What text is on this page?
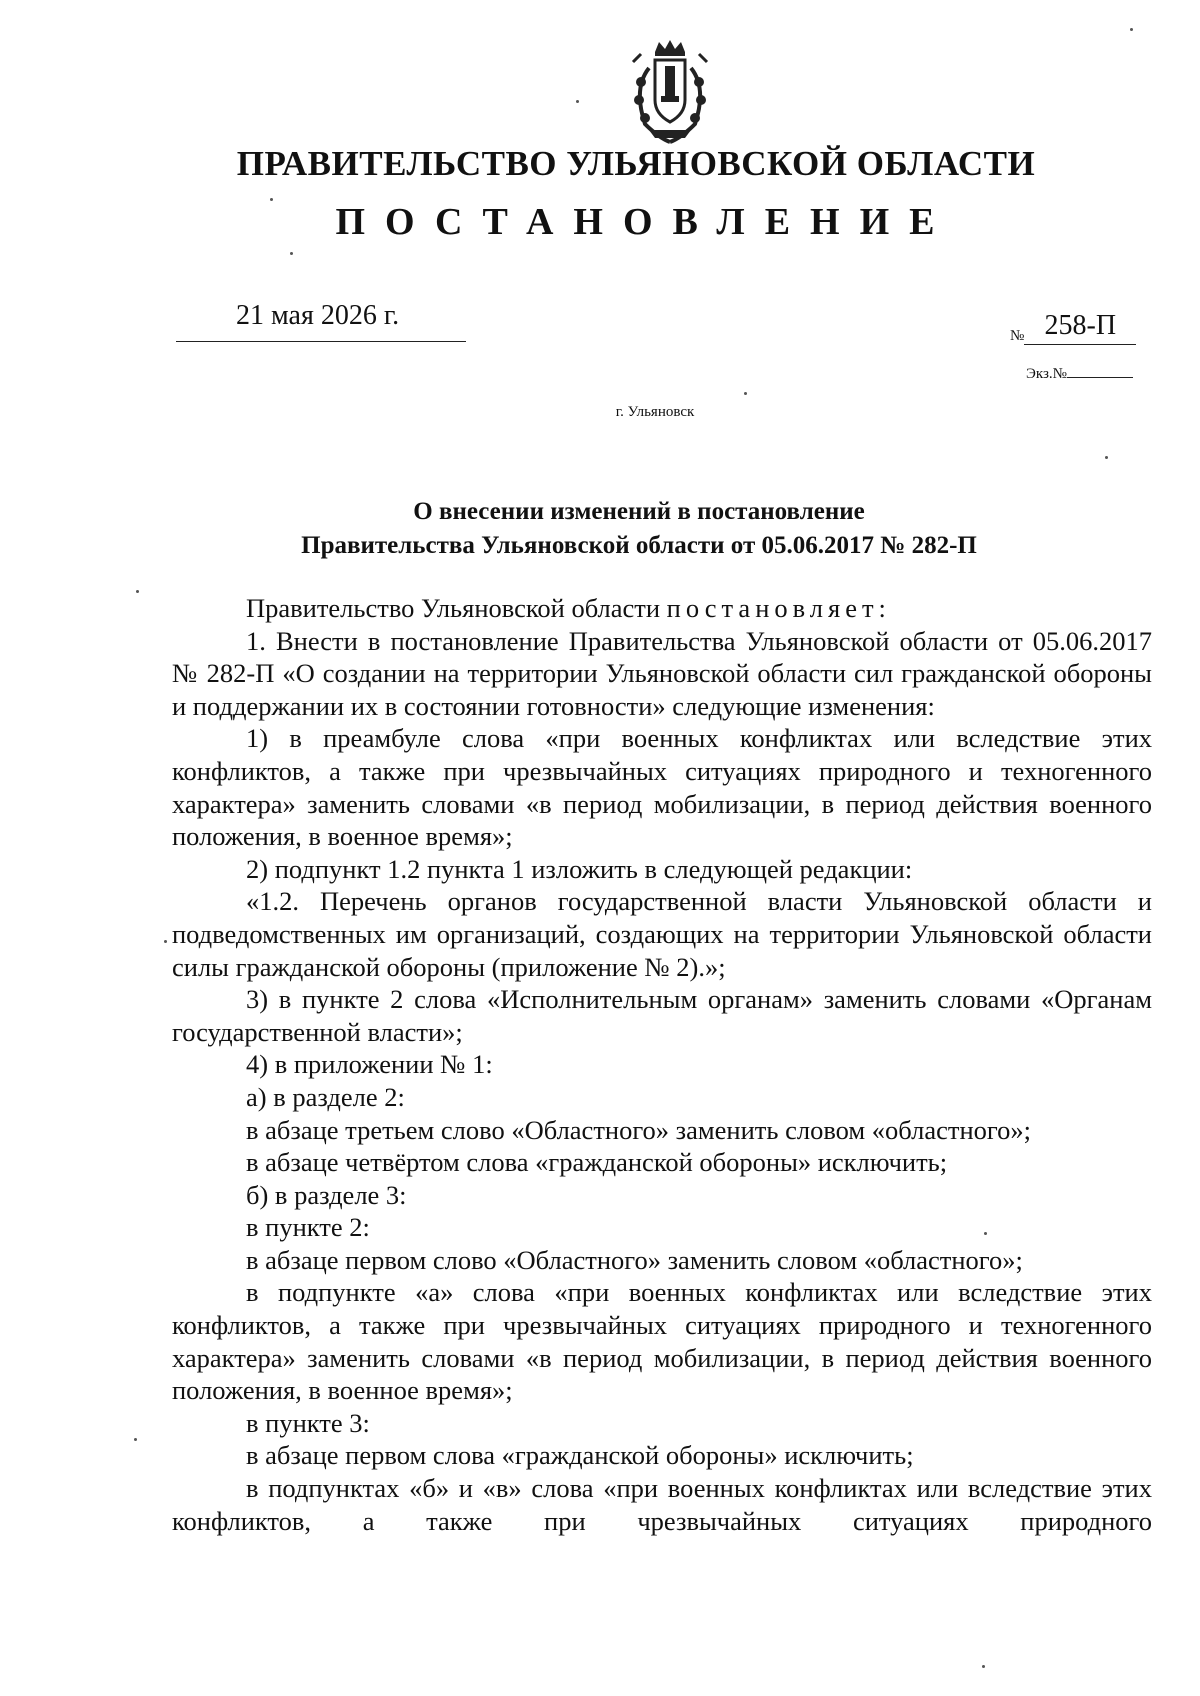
ПРАВИТЕЛЬСТВО УЛЬЯНОВСКОЙ ОБЛАСТИ
ПОСТАНОВЛЕНИЕ
21 мая 2026 г.
№ 258-П
Экз.№
г. Ульяновск
О внесении изменений в постановление
Правительства Ульяновской области от 05.06.2017 № 282-П

Правительство Ульяновской области постановляет:

1. Внести в постановление Правительства Ульяновской области от 05.06.2017 № 282-П «О создании на территории Ульяновской области сил гражданской обороны и поддержании их в состоянии готовности» следующие изменения:

1) в преамбуле слова «при военных конфликтах или вследствие этих конфликтов, а также при чрезвычайных ситуациях природного и техногенного характера» заменить словами «в период мобилизации, в период действия военного положения, в военное время»;

2) подпункт 1.2 пункта 1 изложить в следующей редакции:

«1.2. Перечень органов государственной власти Ульяновской области и подведомственных им организаций, создающих на территории Ульяновской области силы гражданской обороны (приложение № 2).»;

3) в пункте 2 слова «Исполнительным органам» заменить словами «Органам государственной власти»;

4) в приложении № 1:

а) в разделе 2:

в абзаце третьем слово «Областного» заменить словом «областного»;

в абзаце четвёртом слова «гражданской обороны» исключить;

б) в разделе 3:

в пункте 2:

в абзаце первом слово «Областного» заменить словом «областного»;

в подпункте «а» слова «при военных конфликтах или вследствие этих конфликтов, а также при чрезвычайных ситуациях природного и техногенного характера» заменить словами «в период мобилизации, в период действия военного положения, в военное время»;

в пункте 3:

в абзаце первом слова «гражданской обороны» исключить;

в подпунктах «б» и «в» слова «при военных конфликтах или вследствие этих конфликтов, а также при чрезвычайных ситуациях природного
